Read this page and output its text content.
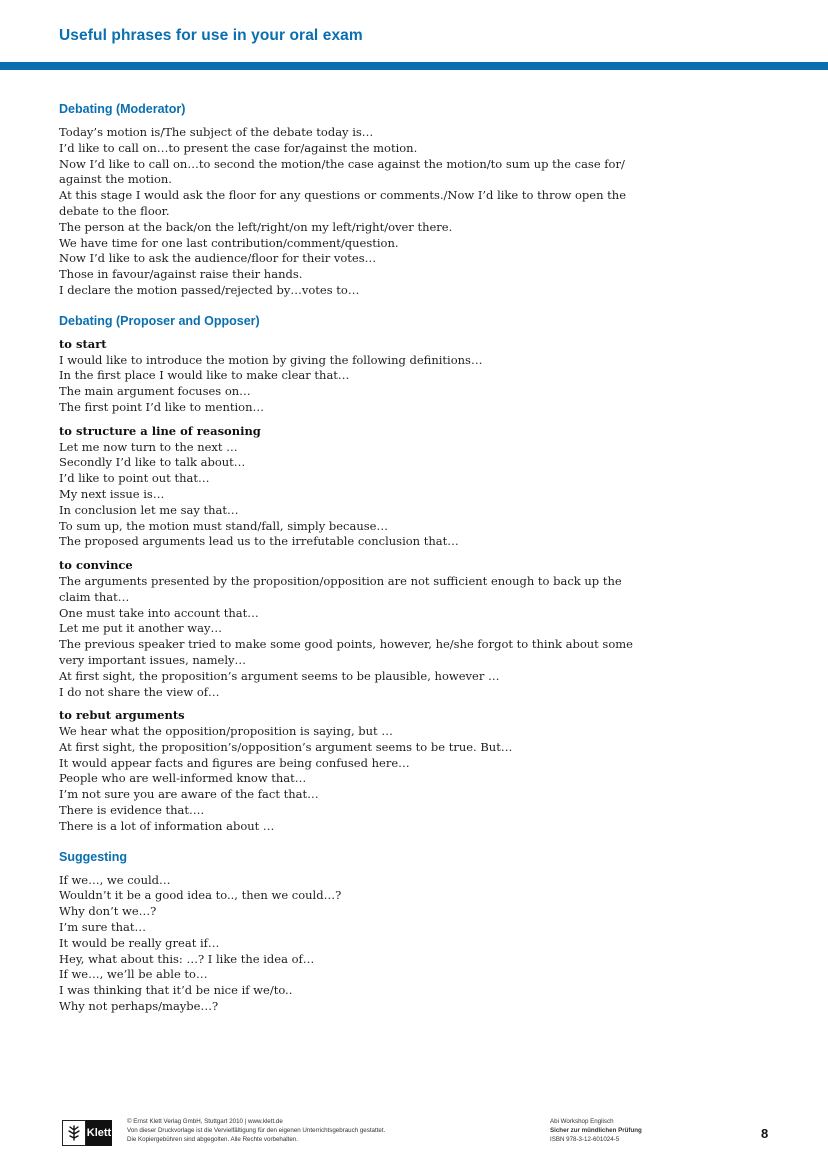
Useful phrases for use in your oral exam
Debating (Moderator)
Today’s motion is/The subject of the debate today is…
I’d like to call on…to present the case for/against the motion.
Now I’d like to call on…to second the motion/the case against the motion/to sum up the case for/
against the motion.
At this stage I would ask the floor for any questions or comments./Now I’d like to throw open the
debate to the floor.
The person at the back/on the left/right/on my left/right/over there.
We have time for one last contribution/comment/question.
Now I’d like to ask the audience/floor for their votes…
Those in favour/against raise their hands.
I declare the motion passed/rejected by…votes to…
Debating (Proposer and Opposer)
to start
I would like to introduce the motion by giving the following definitions…
In the first place I would like to make clear that…
The main argument focuses on…
The first point I’d like to mention…
to structure a line of reasoning
Let me now turn to the next …
Secondly I’d like to talk about…
I’d like to point out that…
My next issue is…
In conclusion let me say that…
To sum up, the motion must stand/fall, simply because…
The proposed arguments lead us to the irrefutable conclusion that…
to convince
The arguments presented by the proposition/opposition are not sufficient enough to back up the
claim that…
One must take into account that…
Let me put it another way…
The previous speaker tried to make some good points, however, he/she forgot to think about some
very important issues, namely…
At first sight, the proposition’s argument seems to be plausible, however …
I do not share the view of…
to rebut arguments
We hear what the opposition/proposition is saying, but …
At first sight, the proposition’s/opposition’s argument seems to be true. But…
It would appear facts and figures are being confused here…
People who are well-informed know that…
I’m not sure you are aware of the fact that…
There is evidence that….
There is a lot of information about …
Suggesting
If we…, we could…
Wouldn’t it be a good idea to.., then we could…?
Why don’t we…?
I’m sure that…
It would be really great if…
Hey, what about this: …? I like the idea of…
If we…, we’ll be able to…
I was thinking that it’d be nice if we/to..
Why not perhaps/maybe…?
Klett
© Ernst Klett Verlag GmbH, Stuttgart 2010 | www.klett.de
Von dieser Druckvorlage ist die Vervielfältigung für den eigenen Unterrichtsgebrauch gestattet.
Die Kopiergebühren sind abgegolten. Alle Rechte vorbehalten.
Abi Workshop Englisch
Sicher zur mündlichen Prüfung
ISBN 978-3-12-601024-5	8
